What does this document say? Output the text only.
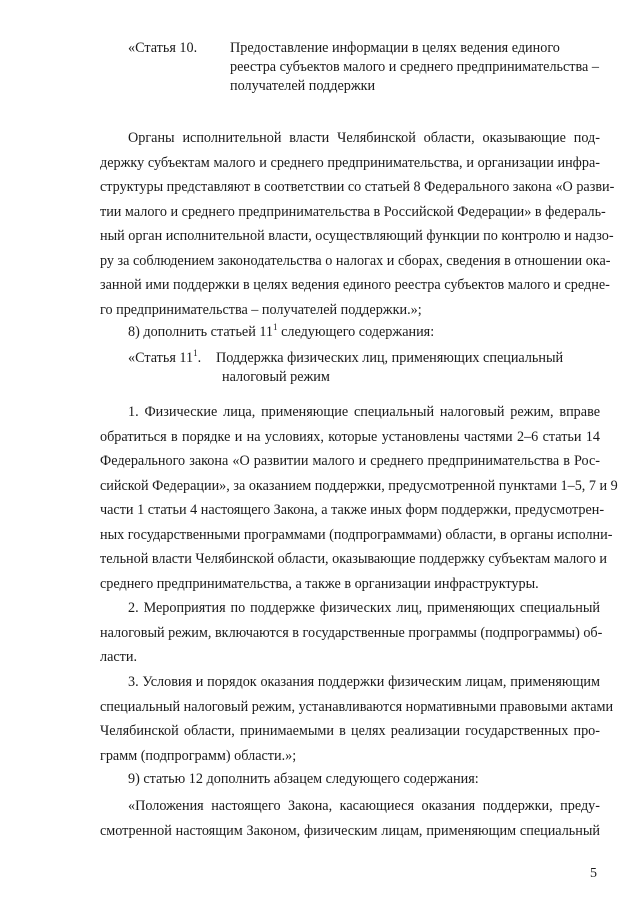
«Статья 10. Предоставление информации в целях ведения единого
реестра субъектов малого и среднего предпринимательства –
получателей поддержки
Органы исполнительной власти Челябинской области, оказывающие под-
держку субъектам малого и среднего предпринимательства, и организации инфра-
структуры представляют в соответствии со статьей 8 Федерального закона «О разви-
тии малого и среднего предпринимательства в Российской Федерации» в федераль-
ный орган исполнительной власти, осуществляющий функции по контролю и надзо-
ру за соблюдением законодательства о налогах и сборах, сведения в отношении ока-
занной ими поддержки в целях ведения единого реестра субъектов малого и средне-
го предпринимательства – получателей поддержки.»;
8) дополнить статьей $11^1$ следующего содержания:
«Статья $11^1$. Поддержка физических лиц, применяющих специальный
налоговый режим
1. Физические лица, применяющие специальный налоговый режим, вправе
обратиться в порядке и на условиях, которые установлены частями 2–6 статьи 14
Федерального закона «О развитии малого и среднего предпринимательства в Рос-
сийской Федерации», за оказанием поддержки, предусмотренной пунктами 1–5, 7 и 9
части 1 статьи 4 настоящего Закона, а также иных форм поддержки, предусмотрен-
ных государственными программами (подпрограммами) области, в органы исполни-
тельной власти Челябинской области, оказывающие поддержку субъектам малого и
среднего предпринимательства, а также в организации инфраструктуры.
2. Мероприятия по поддержке физических лиц, применяющих специальный
налоговый режим, включаются в государственные программы (подпрограммы) об-
ласти.
3. Условия и порядок оказания поддержки физическим лицам, применяющим
специальный налоговый режим, устанавливаются нормативными правовыми актами
Челябинской области, принимаемыми в целях реализации государственных про-
грамм (подпрограмм) области.»;
9) статью 12 дополнить абзацем следующего содержания:
«Положения настоящего Закона, касающиеся оказания поддержки, преду-
смотренной настоящим Законом, физическим лицам, применяющим специальный
5
